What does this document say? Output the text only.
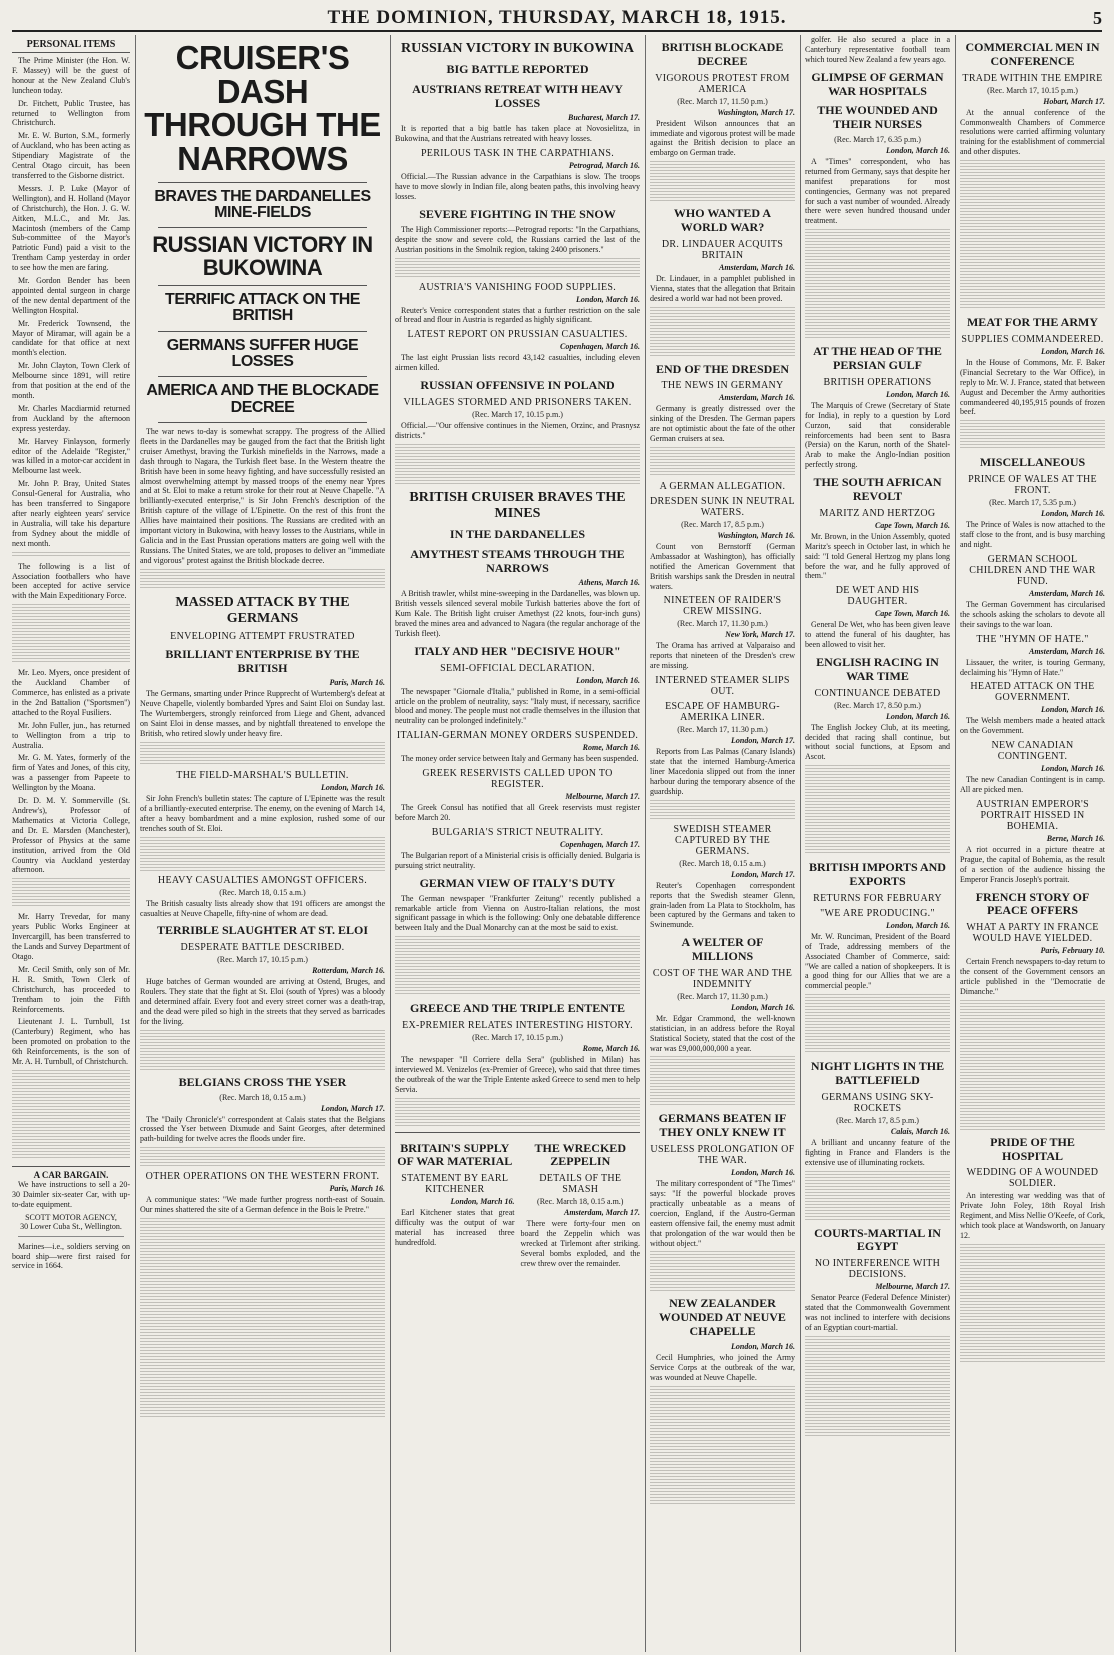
THE DOMINION, THURSDAY, MARCH 18, 1915.	5
PERSONAL ITEMS

The Prime Minister (the Hon. W. F. Massey) will be the guest of honour at the New Zealand Club's luncheon today.

Dr. Fitchett, Public Trustee, has returned to Wellington from Christchurch.

Mr. E. W. Burton, S.M., formerly of Auckland, who has been acting as Stipendiary Magistrate of the Central Otago circuit, has been transferred to the Gisborne district.

Messrs. J. P. Luke (Mayor of Wellington), and H. Holland (Mayor of Christchurch), the Hon. J. G. W. Aitken, M.L.C., and Mr. Jas. Macintosh (members of the Camp Sub-committee of the Mayor's Patriotic Fund) paid a visit to the Trentham Camp yesterday in order to see how the men are faring.

Mr. Gordon Bender has been appointed dental surgeon in charge of the new dental department of the Wellington Hospital.

Mr. Frederick Townsend, the Mayor of Miramar, will again be a candidate for that office at next month's election.

Mr. John Clayton, Town Clerk of Melbourne since 1891, will retire from that position at the end of the month.

Mr. Charles Macdiarmid returned from Auckland by the afternoon express yesterday.

Mr. Harvey Finlayson, formerly editor of the Adelaide "Register," was killed in a motor-car accident in Melbourne last week.

Mr. John P. Bray, United States Consul-General for Australia, who has been transferred to Singapore after nearly eighteen years' service in Australia, will take his departure from Sydney about the middle of next month.

The following is a list of Association footballers who have been accepted for active service with the Main Expeditionary Force.

Mr. Leo. Myers, once president of the Auckland Chamber of Commerce, has enlisted as a private in the 2nd Battalion ("Sportsmen") attached to the Royal Fusiliers.

Mr. John Fuller, jun., has returned to Wellington from a trip to Australia.

Mr. G. M. Yates, formerly of the firm of Yates and Jones, of this city, was a passenger from Papeete to Wellington by the Moana.

Dr. D. M. Y. Sommerville (St. Andrew's), Professor of Mathematics at Victoria College, and Dr. E. Marsden (Manchester), Professor of Physics at the same institution, arrived from the Old Country via Auckland yesterday afternoon.

Mr. Harry Trevedar, for many years Public Works Engineer at Invercargill, has been transferred to the Lands and Survey Department of Otago.

Mr. Cecil Smith, only son of Mr. H. R. Smith, Town Clerk of Christchurch, has proceeded to Trentham to join the Fifth Reinforcements.

Lieutenant J. L. Turnbull, 1st (Canterbury) Regiment, who has been promoted on probation to the 6th Reinforcements, is the son of Mr. A. H. Turnbull, of Christchurch.

A CAR BARGAIN.

We have instructions to sell a 20-30 Daimler six-seater Car, with up-to-date equipment.

SCOTT MOTOR AGENCY,
30 Lower Cuba St., Wellington.

Marines—i.e., soldiers serving on board ship—were first raised for service in 1664.

CRUISER'S DASH THROUGH THE NARROWS
BRAVES THE DARDANELLES MINE-FIELDS
RUSSIAN VICTORY IN BUKOWINA
TERRIFIC ATTACK ON THE BRITISH
GERMANS SUFFER HUGE LOSSES
AMERICA AND THE BLOCKADE DECREE

The war news to-day is somewhat scrappy. The progress of the Allied fleets in the Dardanelles may be gauged from the fact that the British light cruiser Amethyst, braving the Turkish minefields in the Narrows, made a dash through to Nagara, the Turkish fleet base. In the Western theatre the British have been in some heavy fighting, and have successfully resisted an almost overwhelming attempt by massed troops of the enemy near Ypres and at St. Eloi to make a return stroke for their rout at Neuve Chapelle. "A brilliantly-executed enterprise," is Sir John French's description of the British capture of the village of L'Epinette. On the rest of this front the Allies have maintained their positions. The Russians are credited with an important victory in Bukowina, with heavy losses to the Austrians, while in Galicia and in the East Prussian operations matters are going well with the Russians. The United States, we are told, proposes to deliver an "immediate and vigorous" protest against the British blockade decree.

MASSED ATTACK BY THE GERMANS
ENVELOPING ATTEMPT FRUSTRATED
BRILLIANT ENTERPRISE BY THE BRITISH
Paris, March 16.

The Germans, smarting under Prince Rupprecht of Wurtemberg's defeat at Neuve Chapelle, violently bombarded Ypres and Saint Eloi on Sunday last. The Wurtembergers, strongly reinforced from Liege and Ghent, advanced on Saint Eloi in dense masses, and by nightfall threatened to envelope the British, who retired slowly under heavy fire.

THE FIELD-MARSHAL'S BULLETIN.
London, March 16.

Sir John French's bulletin states: The capture of L'Epinette was the result of a brilliantly-executed enterprise. The enemy, on the evening of March 14, after a heavy bombardment and a mine explosion, rushed some of our trenches south of St. Eloi.

HEAVY CASUALTIES AMONGST OFFICERS.
(Rec. March 18, 0.15 a.m.)

The British casualty lists already show that 191 officers are amongst the casualties at Neuve Chapelle, fifty-nine of whom are dead.

TERRIBLE SLAUGHTER AT ST. ELOI
DESPERATE BATTLE DESCRIBED.
(Rec. March 17, 10.15 p.m.)
Rotterdam, March 16.

Huge batches of German wounded are arriving at Ostend, Bruges, and Roulers. They state that the fight at St. Eloi (south of Ypres) was a bloody and determined affair. Every foot and every street corner was a death-trap, and the dead were piled so high in the streets that they served as barricades for the living.

BELGIANS CROSS THE YSER
(Rec. March 18, 0.15 a.m.)
London, March 17.

The "Daily Chronicle's" correspondent at Calais states that the Belgians crossed the Yser between Dixmude and Saint Georges, after determined path-building for twelve acres the floods under fire.

OTHER OPERATIONS ON THE WESTERN FRONT.
Paris, March 16.

A communique states: "We made further progress north-east of Souain. Our mines shattered the site of a German defence in the Bois le Pretre."

RUSSIAN VICTORY IN BUKOWINA
BIG BATTLE REPORTED
AUSTRIANS RETREAT WITH HEAVY LOSSES
Bucharest, March 17.

It is reported that a big battle has taken place at Novosielitza, in Bukowina, and that the Austrians retreated with heavy losses.

PERILOUS TASK IN THE CARPATHIANS.
Petrograd, March 16.

Official.—The Russian advance in the Carpathians is slow. The troops have to move slowly in Indian file, along beaten paths, this involving heavy losses.

SEVERE FIGHTING IN THE SNOW

The High Commissioner reports:—Petrograd reports: "In the Carpathians, despite the snow and severe cold, the Russians carried the last of the Austrian positions in the Smolnik region, taking 2400 prisoners."

AUSTRIA'S VANISHING FOOD SUPPLIES.
London, March 16.

Reuter's Venice correspondent states that a further restriction on the sale of bread and flour in Austria is regarded as highly significant.

LATEST REPORT ON PRUSSIAN CASUALTIES.
Copenhagen, March 16.

The last eight Prussian lists record 43,142 casualties, including eleven airmen killed.

RUSSIAN OFFENSIVE IN POLAND
VILLAGES STORMED AND PRISONERS TAKEN.
(Rec. March 17, 10.15 p.m.)

Official.—"Our offensive continues in the Niemen, Orzinc, and Prasnysz districts."

BRITISH CRUISER BRAVES THE MINES
IN THE DARDANELLES
AMYTHEST STEAMS THROUGH THE NARROWS
Athens, March 16.

A British trawler, whilst mine-sweeping in the Dardanelles, was blown up. British vessels silenced several mobile Turkish batteries above the fort of Kum Kale. The British light cruiser Amethyst (22 knots, four-inch guns) braved the mines area and advanced to Nagara (the regular anchorage of the Turkish fleet).

ITALY AND HER "DECISIVE HOUR"
SEMI-OFFICIAL DECLARATION.
London, March 16.

The newspaper "Giornale d'Italia," published in Rome, in a semi-official article on the problem of neutrality, says: "Italy must, if necessary, sacrifice blood and money. The people must not cradle themselves in the illusion that neutrality can be prolonged indefinitely."

ITALIAN-GERMAN MONEY ORDERS SUSPENDED.
Rome, March 16.

The money order service between Italy and Germany has been suspended.

GREEK RESERVISTS CALLED UPON TO REGISTER.
Melbourne, March 17.

The Greek Consul has notified that all Greek reservists must register before March 20.

BULGARIA'S STRICT NEUTRALITY.
Copenhagen, March 17.

The Bulgarian report of a Ministerial crisis is officially denied. Bulgaria is pursuing strict neutrality.

GERMAN VIEW OF ITALY'S DUTY

The German newspaper "Frankfurter Zeitung" recently published a remarkable article from Vienna on Austro-Italian relations, the most significant passage in which is the following: Only one debatable difference between Italy and the Dual Monarchy can at the most be said to exist.

GREECE AND THE TRIPLE ENTENTE
EX-PREMIER RELATES INTERESTING HISTORY.
(Rec. March 17, 10.15 p.m.)
Rome, March 16.

The newspaper "Il Corriere della Sera" (published in Milan) has interviewed M. Venizelos (ex-Premier of Greece), who said that three times the outbreak of the war the Triple Entente asked Greece to send men to help Servia.

BRITAIN'S SUPPLY OF WAR MATERIAL
STATEMENT BY EARL KITCHENER
London, March 16.

Earl Kitchener states that great difficulty was the output of war material has increased three hundredfold.

THE WRECKED ZEPPELIN
DETAILS OF THE SMASH
(Rec. March 18, 0.15 a.m.)
Amsterdam, March 17.

There were forty-four men on board the Zeppelin which was wrecked at Tirlemont after striking. Several bombs exploded, and the crew threw over the remainder.

BRITISH BLOCKADE DECREE
VIGOROUS PROTEST FROM AMERICA
(Rec. March 17, 11.50 p.m.)
Washington, March 17.

President Wilson announces that an immediate and vigorous protest will be made against the British decision to place an embargo on German trade.

WHO WANTED A WORLD WAR?
DR. LINDAUER ACQUITS BRITAIN
Amsterdam, March 16.

Dr. Lindauer, in a pamphlet published in Vienna, states that the allegation that Britain desired a world war had not been proved.

END OF THE DRESDEN
THE NEWS IN GERMANY
Amsterdam, March 16.

Germany is greatly distressed over the sinking of the Dresden. The German papers are not optimistic about the fate of the other German cruisers at sea.

A GERMAN ALLEGATION.
DRESDEN SUNK IN NEUTRAL WATERS.
(Rec. March 17, 8.5 p.m.)
Washington, March 16.

Count von Bernstorff (German Ambassador at Washington), has officially notified the American Government that British warships sank the Dresden in neutral waters.

NINETEEN OF RAIDER'S CREW MISSING.
(Rec. March 17, 11.30 p.m.)
New York, March 17.

The Orama has arrived at Valparaiso and reports that nineteen of the Dresden's crew are missing.

INTERNED STEAMER SLIPS OUT.
ESCAPE OF HAMBURG-AMERIKA LINER.
(Rec. March 17, 11.30 p.m.)
London, March 17.

Reports from Las Palmas (Canary Islands) state that the interned Hamburg-America liner Macedonia slipped out from the inner harbour during the temporary absence of the guardship.

SWEDISH STEAMER CAPTURED BY THE GERMANS.
(Rec. March 18, 0.15 a.m.)
London, March 17.

Reuter's Copenhagen correspondent reports that the Swedish steamer Glenn, grain-laden from La Plata to Stockholm, has been captured by the Germans and taken to Swinemunde.

A WELTER OF MILLIONS
COST OF THE WAR AND THE INDEMNITY
(Rec. March 17, 11.30 p.m.)
London, March 16.

Mr. Edgar Crammond, the well-known statistician, in an address before the Royal Statistical Society, stated that the cost of the war was £9,000,000,000 a year.

GERMANS BEATEN IF THEY ONLY KNEW IT
USELESS PROLONGATION OF THE WAR.
London, March 16.

The military correspondent of "The Times" says: "If the powerful blockade proves practically unbeatable as a means of coercion, England, if the Austro-German eastern offensive fail, the enemy must admit that prolongation of the war would then be without object."

NEW ZEALANDER WOUNDED AT NEUVE CHAPELLE
London, March 16.

Cecil Humphries, who joined the Army Service Corps at the outbreak of the war, was wounded at Neuve Chapelle.

golfer. He also secured a place in a Canterbury representative football team which toured New Zealand a few years ago.

GLIMPSE OF GERMAN WAR HOSPITALS
THE WOUNDED AND THEIR NURSES
(Rec. March 17, 6.35 p.m.)
London, March 16.

A "Times" correspondent, who has returned from Germany, says that despite her manifest preparations for most contingencies, Germany was not prepared for such a vast number of wounded. Already there were seven hundred thousand under treatment.

AT THE HEAD OF THE PERSIAN GULF
BRITISH OPERATIONS
London, March 16.

The Marquis of Crewe (Secretary of State for India), in reply to a question by Lord Curzon, said that considerable reinforcements had been sent to Basra (Persia) on the Karun, north of the Shatel-Arab to make the Anglo-Indian position perfectly strong.

THE SOUTH AFRICAN REVOLT
MARITZ AND HERTZOG
Cape Town, March 16.

Mr. Brown, in the Union Assembly, quoted Maritz's speech in October last, in which he said: "I told General Hertzog my plans long before the war, and he fully approved of them."

DE WET AND HIS DAUGHTER.
Cape Town, March 16.

General De Wet, who has been given leave to attend the funeral of his daughter, has been allowed to visit her.

ENGLISH RACING IN WAR TIME
CONTINUANCE DEBATED
(Rec. March 17, 8.50 p.m.)
London, March 16.

The English Jockey Club, at its meeting, decided that racing shall continue, but without social functions, at Epsom and Ascot.

BRITISH IMPORTS AND EXPORTS
RETURNS FOR FEBRUARY
"WE ARE PRODUCING."
London, March 16.

Mr. W. Runciman, President of the Board of Trade, addressing members of the Associated Chamber of Commerce, said: "We are called a nation of shopkeepers. It is a good thing for our Allies that we are a commercial people."

NIGHT LIGHTS IN THE BATTLEFIELD
GERMANS USING SKY-ROCKETS
(Rec. March 17, 8.5 p.m.)
Calais, March 16.

A brilliant and uncanny feature of the fighting in France and Flanders is the extensive use of illuminating rockets.

COURTS-MARTIAL IN EGYPT
NO INTERFERENCE WITH DECISIONS.
Melbourne, March 17.

Senator Pearce (Federal Defence Minister) stated that the Commonwealth Government was not inclined to interfere with decisions of an Egyptian court-martial.

COMMERCIAL MEN IN CONFERENCE
TRADE WITHIN THE EMPIRE
(Rec. March 17, 10.15 p.m.)
Hobart, March 17.

At the annual conference of the Commonwealth Chambers of Commerce resolutions were carried affirming voluntary training for the establishment of commercial and other disputes.

MEAT FOR THE ARMY
SUPPLIES COMMANDEERED.
London, March 16.

In the House of Commons, Mr. F. Baker (Financial Secretary to the War Office), in reply to Mr. W. J. France, stated that between August and December the Army authorities commandeered 40,195,915 pounds of frozen beef.

MISCELLANEOUS
PRINCE OF WALES AT THE FRONT.
(Rec. March 17, 5.35 p.m.)
London, March 16.

The Prince of Wales is now attached to the staff close to the front, and is busy marching and night.

GERMAN SCHOOL CHILDREN AND THE WAR FUND.
Amsterdam, March 16.

The German Government has circularised the schools asking the scholars to devote all their savings to the war loan.

THE "HYMN OF HATE."
Amsterdam, March 16.

Lissauer, the writer, is touring Germany, declaiming his "Hymn of Hate."

HEATED ATTACK ON THE GOVERNMENT.
London, March 16.

The Welsh members made a heated attack on the Government.

NEW CANADIAN CONTINGENT.
London, March 16.

The new Canadian Contingent is in camp. All are picked men.

AUSTRIAN EMPEROR'S PORTRAIT HISSED IN BOHEMIA.
Berne, March 16.

A riot occurred in a picture theatre at Prague, the capital of Bohemia, as the result of a section of the audience hissing the Emperor Francis Joseph's portrait.

FRENCH STORY OF PEACE OFFERS
WHAT A PARTY IN FRANCE WOULD HAVE YIELDED.
Paris, February 10.

Certain French newspapers to-day return to the consent of the Government censors an article published in the "Democratie de Dimanche."

PRIDE OF THE HOSPITAL
WEDDING OF A WOUNDED SOLDIER.

An interesting war wedding was that of Private John Foley, 18th Royal Irish Regiment, and Miss Nellie O'Keefe, of Cork, which took place at Wandsworth, on January 12.
